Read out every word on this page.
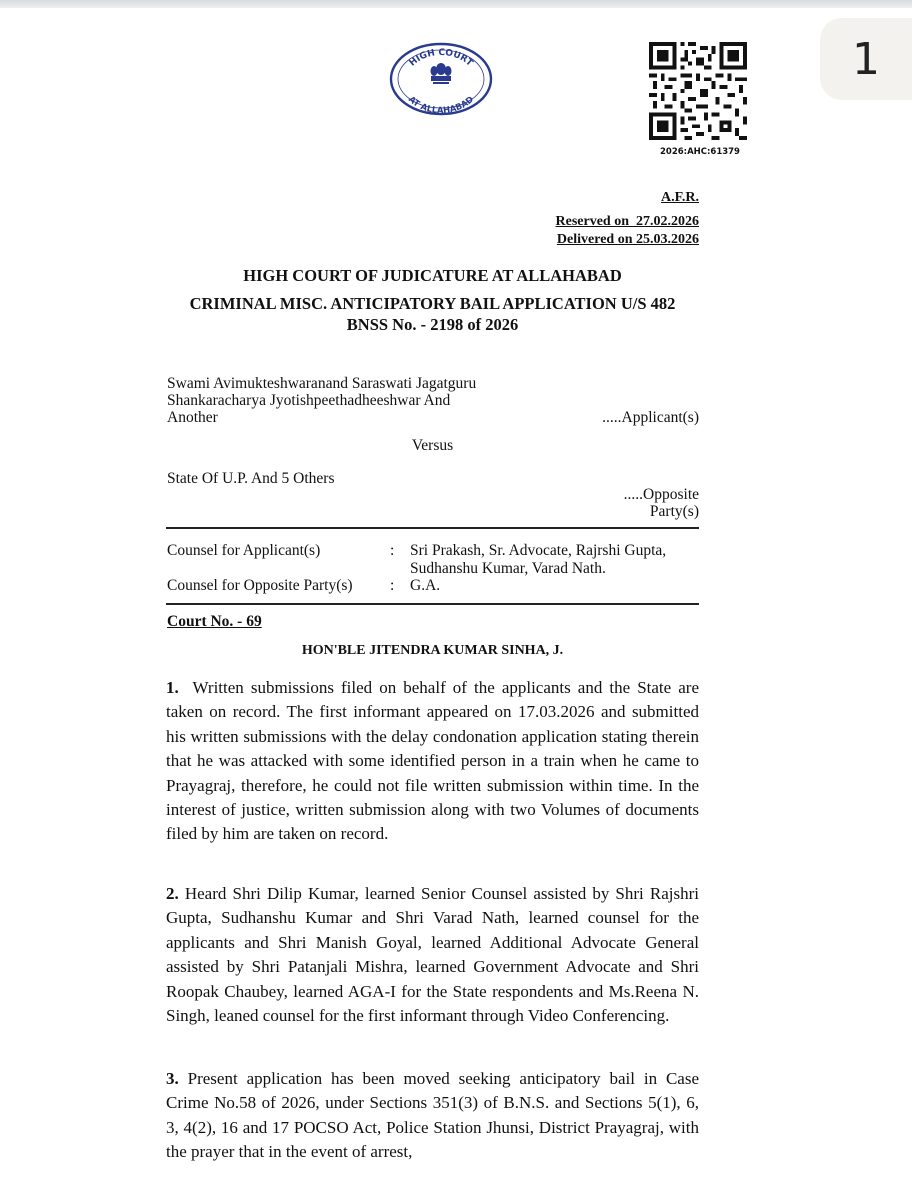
1
HIGH COURT
AT ALLAHABAD
2026:AHC:61379
A.F.R.
Reserved on  27.02.2026
Delivered on 25.03.2026
HIGH COURT OF JUDICATURE AT ALLAHABAD
CRIMINAL MISC. ANTICIPATORY BAIL APPLICATION U/S 482
BNSS No. - 2198 of 2026
Swami Avimukteshwaranand Saraswati Jagatguru
Shankaracharya Jyotishpeethadheeshwar And
Another	.....Applicant(s)
Versus
State Of U.P. And 5 Others
.....Opposite
Party(s)
Counsel for Applicant(s)	: Sri Prakash, Sr. Advocate, Rajrshi Gupta,
Sudhanshu Kumar, Varad Nath.
Counsel for Opposite Party(s) : G.A.
Court No. - 69
HON'BLE JITENDRA KUMAR SINHA, J.
1. Written submissions filed on behalf of the applicants and the State are taken on record. The first informant appeared on 17.03.2026 and submitted his written submissions with the delay condonation application stating therein that he was attacked with some identified person in a train when he came to Prayagraj, therefore, he could not file written submission within time. In the interest of justice, written submission along with two Volumes of documents filed by him are taken on record.
2. Heard Shri Dilip Kumar, learned Senior Counsel assisted by Shri Rajshri Gupta, Sudhanshu Kumar and Shri Varad Nath, learned counsel for the applicants and Shri Manish Goyal, learned Additional Advocate General assisted by Shri Patanjali Mishra, learned Government Advocate and Shri Roopak Chaubey, learned AGA-I for the State respondents and Ms.Reena N. Singh, leaned counsel for the first informant through Video Conferencing.
3. Present application has been moved seeking anticipatory bail in Case Crime No.58 of 2026, under Sections 351(3) of B.N.S. and Sections 5(1), 6, 3, 4(2), 16 and 17 POCSO Act, Police Station Jhunsi, District Prayagraj, with the prayer that in the event of arrest,
